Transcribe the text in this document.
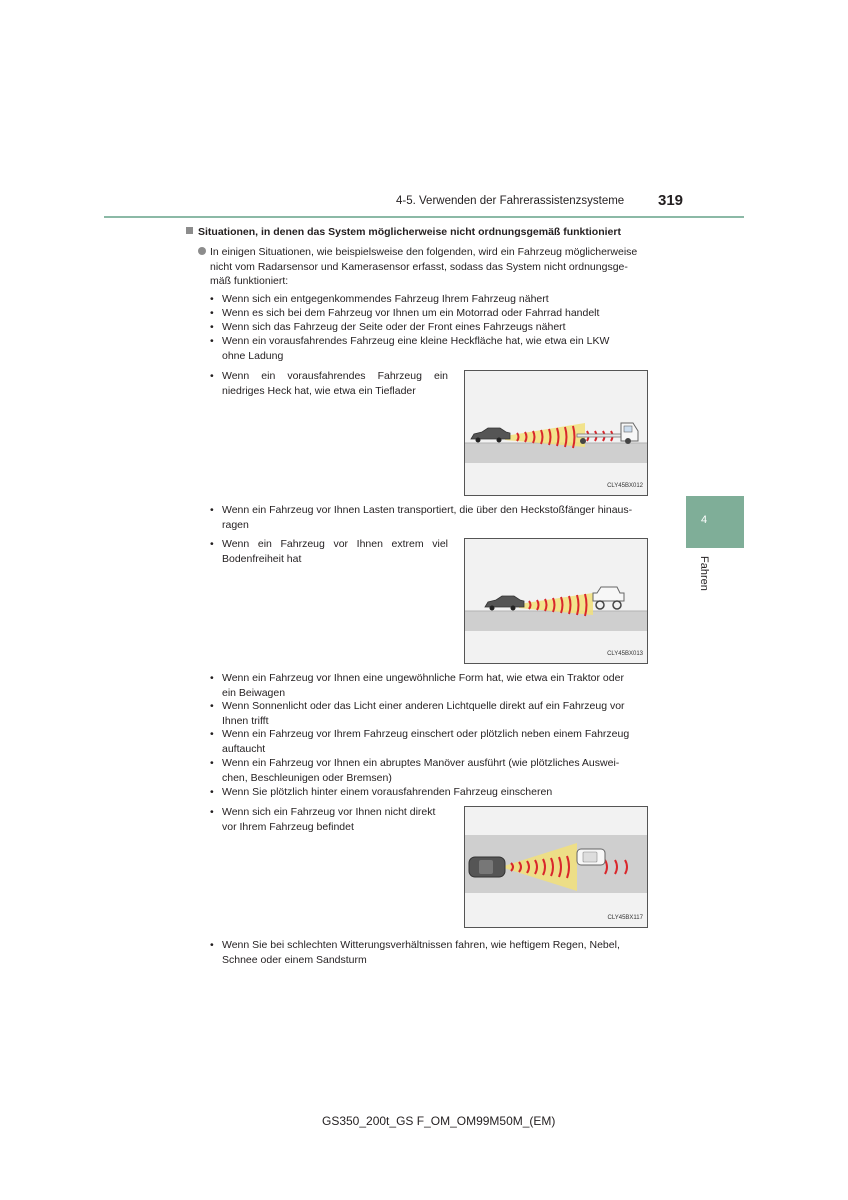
4-5. Verwenden der Fahrerassistenzsysteme 319
4
Fahren
Situationen, in denen das System möglicherweise nicht ordnungsgemäß funktioniert
In einigen Situationen, wie beispielsweise den folgenden, wird ein Fahrzeug möglicherweise
nicht vom Radarsensor und Kamerasensor erfasst, sodass das System nicht ordnungsge-
mäß funktioniert:
• Wenn sich ein entgegenkommendes Fahrzeug Ihrem Fahrzeug nähert
• Wenn es sich bei dem Fahrzeug vor Ihnen um ein Motorrad oder Fahrrad handelt
• Wenn sich das Fahrzeug der Seite oder der Front eines Fahrzeugs nähert
• Wenn ein vorausfahrendes Fahrzeug eine kleine Heckfläche hat, wie etwa ein LKW
ohne Ladung
• Wenn ein vorausfahrendes Fahrzeug ein
niedriges Heck hat, wie etwa ein Tieflader
CLY45BX012
• Wenn ein Fahrzeug vor Ihnen Lasten transportiert, die über den Heckstoßfänger hinaus-
ragen
• Wenn ein Fahrzeug vor Ihnen extrem viel
Bodenfreiheit hat
CLY45BX013
• Wenn ein Fahrzeug vor Ihnen eine ungewöhnliche Form hat, wie etwa ein Traktor oder
ein Beiwagen
• Wenn Sonnenlicht oder das Licht einer anderen Lichtquelle direkt auf ein Fahrzeug vor
Ihnen trifft
• Wenn ein Fahrzeug vor Ihrem Fahrzeug einschert oder plötzlich neben einem Fahrzeug
auftaucht
• Wenn ein Fahrzeug vor Ihnen ein abruptes Manöver ausführt (wie plötzliches Auswei-
chen, Beschleunigen oder Bremsen)
• Wenn Sie plötzlich hinter einem vorausfahrenden Fahrzeug einscheren
• Wenn sich ein Fahrzeug vor Ihnen nicht direkt
vor Ihrem Fahrzeug befindet
CLY45BX117
• Wenn Sie bei schlechten Witterungsverhältnissen fahren, wie heftigem Regen, Nebel,
Schnee oder einem Sandsturm
GS350_200t_GS F_OM_OM99M50M_(EM)
